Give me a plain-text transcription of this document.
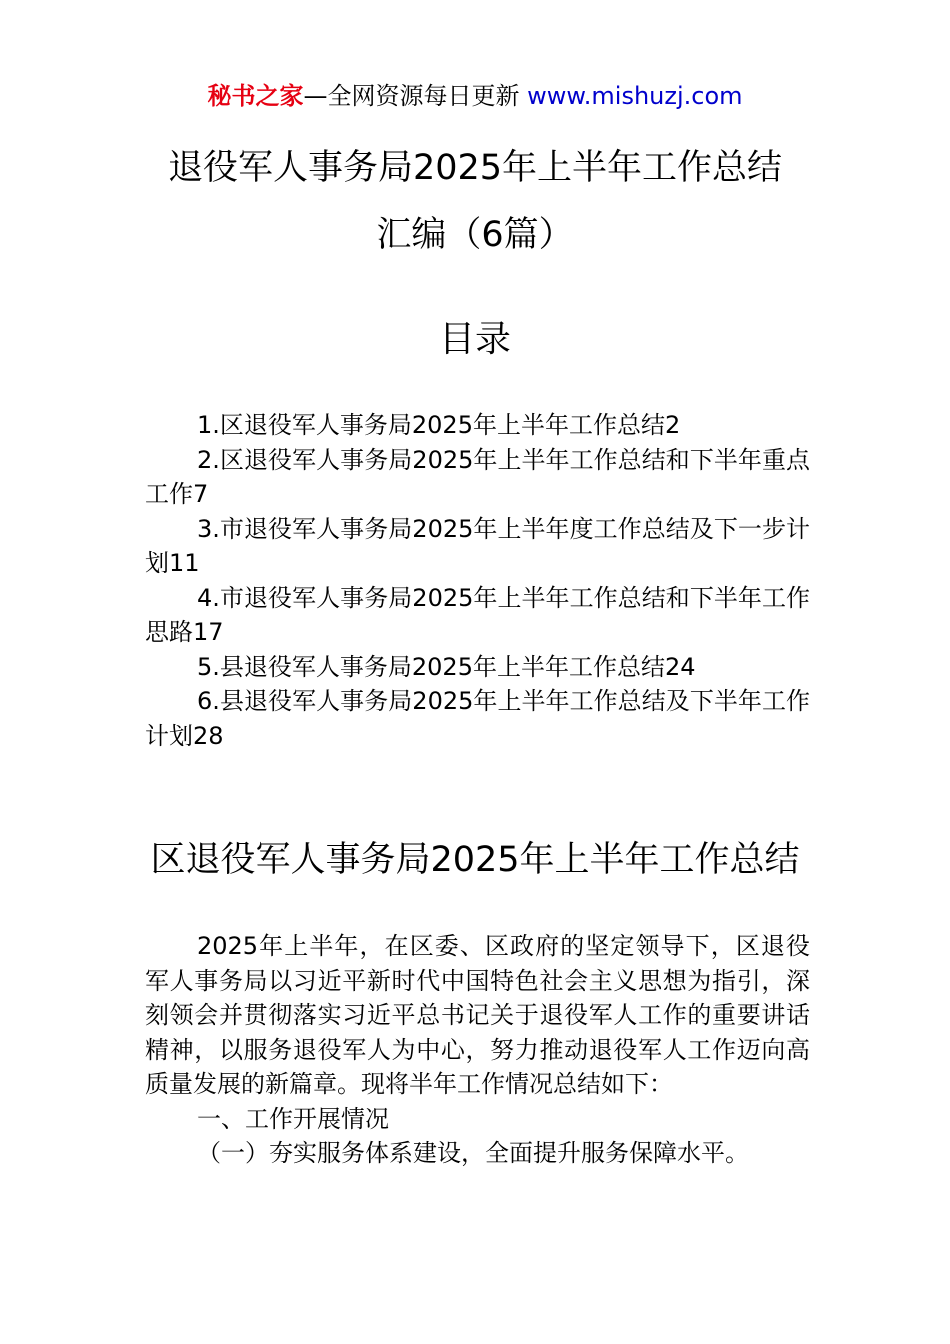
秘书之家—全网资源每日更新 www.mishuzj.com
退役军人事务局2025年上半年工作总结
汇编（6篇）
目录
1.区退役军人事务局2025年上半年工作总结2
2.区退役军人事务局2025年上半年工作总结和下半年重点工作7
3.市退役军人事务局2025年上半年度工作总结及下一步计划11
4.市退役军人事务局2025年上半年工作总结和下半年工作思路17
5.县退役军人事务局2025年上半年工作总结24
6.县退役军人事务局2025年上半年工作总结及下半年工作计划28
区退役军人事务局2025年上半年工作总结

2025年上半年，在区委、区政府的坚定领导下，区退役军人事务局以习近平新时代中国特色社会主义思想为指引，深刻领会并贯彻落实习近平总书记关于退役军人工作的重要讲话精神，以服务退役军人为中心，努力推动退役军人工作迈向高质量发展的新篇章。现将半年工作情况总结如下：

一、工作开展情况

（一）夯实服务体系建设，全面提升服务保障水平。
